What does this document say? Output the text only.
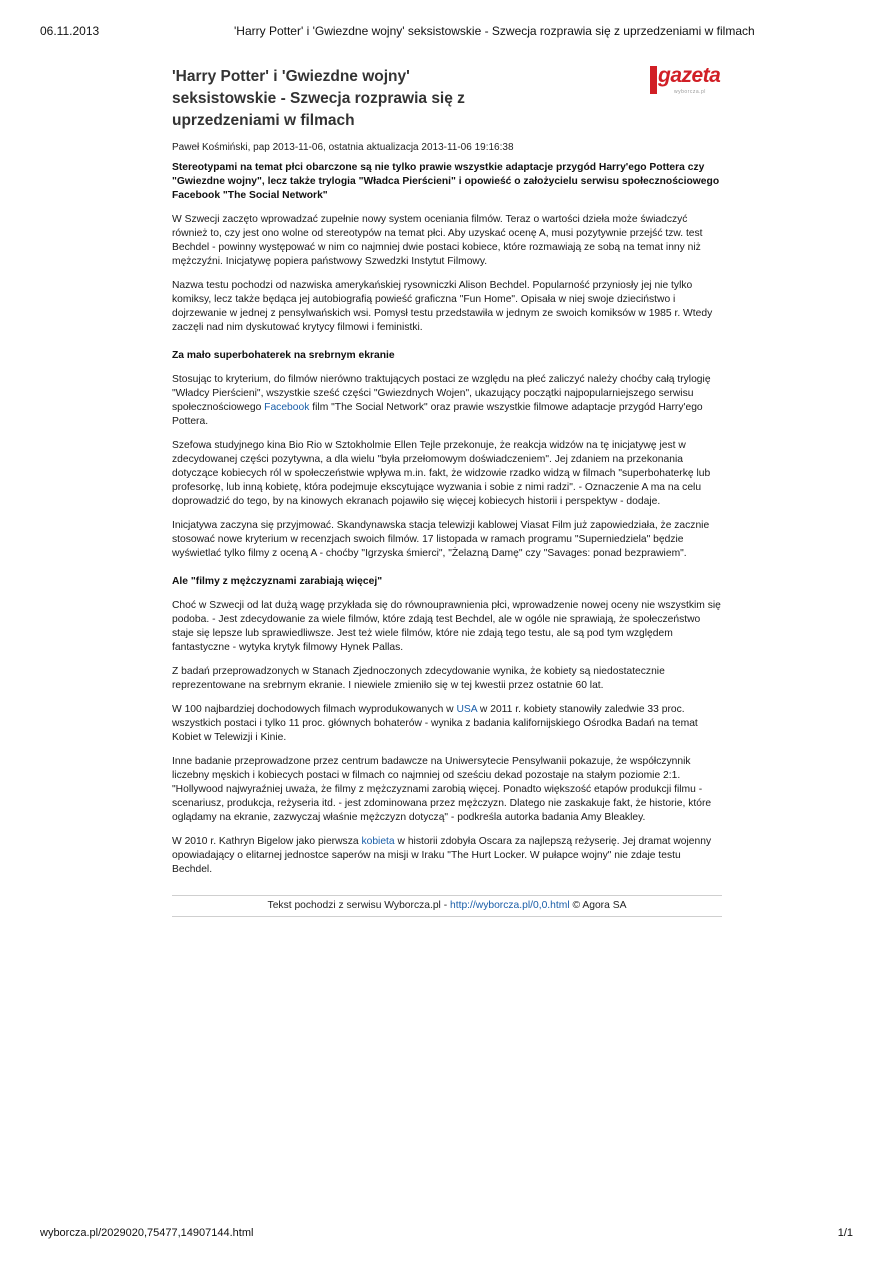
06.11.2013	'Harry Potter' i 'Gwiezdne wojny' seksistowskie - Szwecja rozprawia się z uprzedzeniami w filmach
gazeta
wyborcza.pl
'Harry Potter' i 'Gwiezdne wojny' seksistowskie - Szwecja rozprawia się z uprzedzeniami w filmach
Paweł Kośmiński, pap 2013-11-06, ostatnia aktualizacja 2013-11-06 19:16:38
Stereotypami na temat płci obarczone są nie tylko prawie wszystkie adaptacje przygód Harry'ego Pottera czy "Gwiezdne wojny", lecz także trylogia "Władca Pierścieni" i opowieść o założycielu serwisu społecznościowego Facebook "The Social Network"

W Szwecji zaczęto wprowadzać zupełnie nowy system oceniania filmów. Teraz o wartości dzieła może świadczyć również to, czy jest ono wolne od stereotypów na temat płci. Aby uzyskać ocenę A, musi pozytywnie przejść tzw. test Bechdel - powinny występować w nim co najmniej dwie postaci kobiece, które rozmawiają ze sobą na temat inny niż mężczyźni. Inicjatywę popiera państwowy Szwedzki Instytut Filmowy.

Nazwa testu pochodzi od nazwiska amerykańskiej rysowniczki Alison Bechdel. Popularność przyniosły jej nie tylko komiksy, lecz także będąca jej autobiografią powieść graficzna "Fun Home". Opisała w niej swoje dzieciństwo i dojrzewanie w jednej z pensylwańskich wsi. Pomysł testu przedstawiła w jednym ze swoich komiksów w 1985 r. Wtedy zaczęli nad nim dyskutować krytycy filmowi i feministki.

Za mało superbohaterek na srebrnym ekranie

Stosując to kryterium, do filmów nierówno traktujących postaci ze względu na płeć zaliczyć należy choćby całą trylogię "Władcy Pierścieni", wszystkie sześć części "Gwiezdnych Wojen", ukazujący początki najpopularniejszego serwisu społecznościowego Facebook film "The Social Network" oraz prawie wszystkie filmowe adaptacje przygód Harry'ego Pottera.

Szefowa studyjnego kina Bio Rio w Sztokholmie Ellen Tejle przekonuje, że reakcja widzów na tę inicjatywę jest w zdecydowanej części pozytywna, a dla wielu "była przełomowym doświadczeniem". Jej zdaniem na przekonania dotyczące kobiecych ról w społeczeństwie wpływa m.in. fakt, że widzowie rzadko widzą w filmach "superbohaterkę lub profesorkę, lub inną kobietę, która podejmuje ekscytujące wyzwania i sobie z nimi radzi". - Oznaczenie A ma na celu doprowadzić do tego, by na kinowych ekranach pojawiło się więcej kobiecych historii i perspektyw - dodaje.

Inicjatywa zaczyna się przyjmować. Skandynawska stacja telewizji kablowej Viasat Film już zapowiedziała, że zacznie stosować nowe kryterium w recenzjach swoich filmów. 17 listopada w ramach programu "Superniedziela" będzie wyświetlać tylko filmy z oceną A - choćby "Igrzyska śmierci", "Żelazną Damę" czy "Savages: ponad bezprawiem".

Ale "filmy z mężczyznami zarabiają więcej"

Choć w Szwecji od lat dużą wagę przykłada się do równouprawnienia płci, wprowadzenie nowej oceny nie wszystkim się podoba. - Jest zdecydowanie za wiele filmów, które zdają test Bechdel, ale w ogóle nie sprawiają, że społeczeństwo staje się lepsze lub sprawiedliwsze. Jest też wiele filmów, które nie zdają tego testu, ale są pod tym względem fantastyczne - wytyka krytyk filmowy Hynek Pallas.

Z badań przeprowadzonych w Stanach Zjednoczonych zdecydowanie wynika, że kobiety są niedostatecznie reprezentowane na srebrnym ekranie. I niewiele zmieniło się w tej kwestii przez ostatnie 60 lat.

W 100 najbardziej dochodowych filmach wyprodukowanych w USA w 2011 r. kobiety stanowiły zaledwie 33 proc. wszystkich postaci i tylko 11 proc. głównych bohaterów - wynika z badania kalifornijskiego Ośrodka Badań na temat Kobiet w Telewizji i Kinie.

Inne badanie przeprowadzone przez centrum badawcze na Uniwersytecie Pensylwanii pokazuje, że współczynnik liczebny męskich i kobiecych postaci w filmach co najmniej od sześciu dekad pozostaje na stałym poziomie 2:1. "Hollywood najwyraźniej uważa, że filmy z mężczyznami zarobią więcej. Ponadto większość etapów produkcji filmu - scenariusz, produkcja, reżyseria itd. - jest zdominowana przez mężczyzn. Dlatego nie zaskakuje fakt, że historie, które oglądamy na ekranie, zazwyczaj właśnie mężczyzn dotyczą" - podkreśla autorka badania Amy Bleakley.

W 2010 r. Kathryn Bigelow jako pierwsza kobieta w historii zdobyła Oscara za najlepszą reżyserię. Jej dramat wojenny opowiadający o elitarnej jednostce saperów na misji w Iraku "The Hurt Locker. W pułapce wojny" nie zdaje testu Bechdel.

Tekst pochodzi z serwisu Wyborcza.pl - http://wyborcza.pl/0,0.html © Agora SA
wyborcza.pl/2029020,75477,14907144.html	1/1
